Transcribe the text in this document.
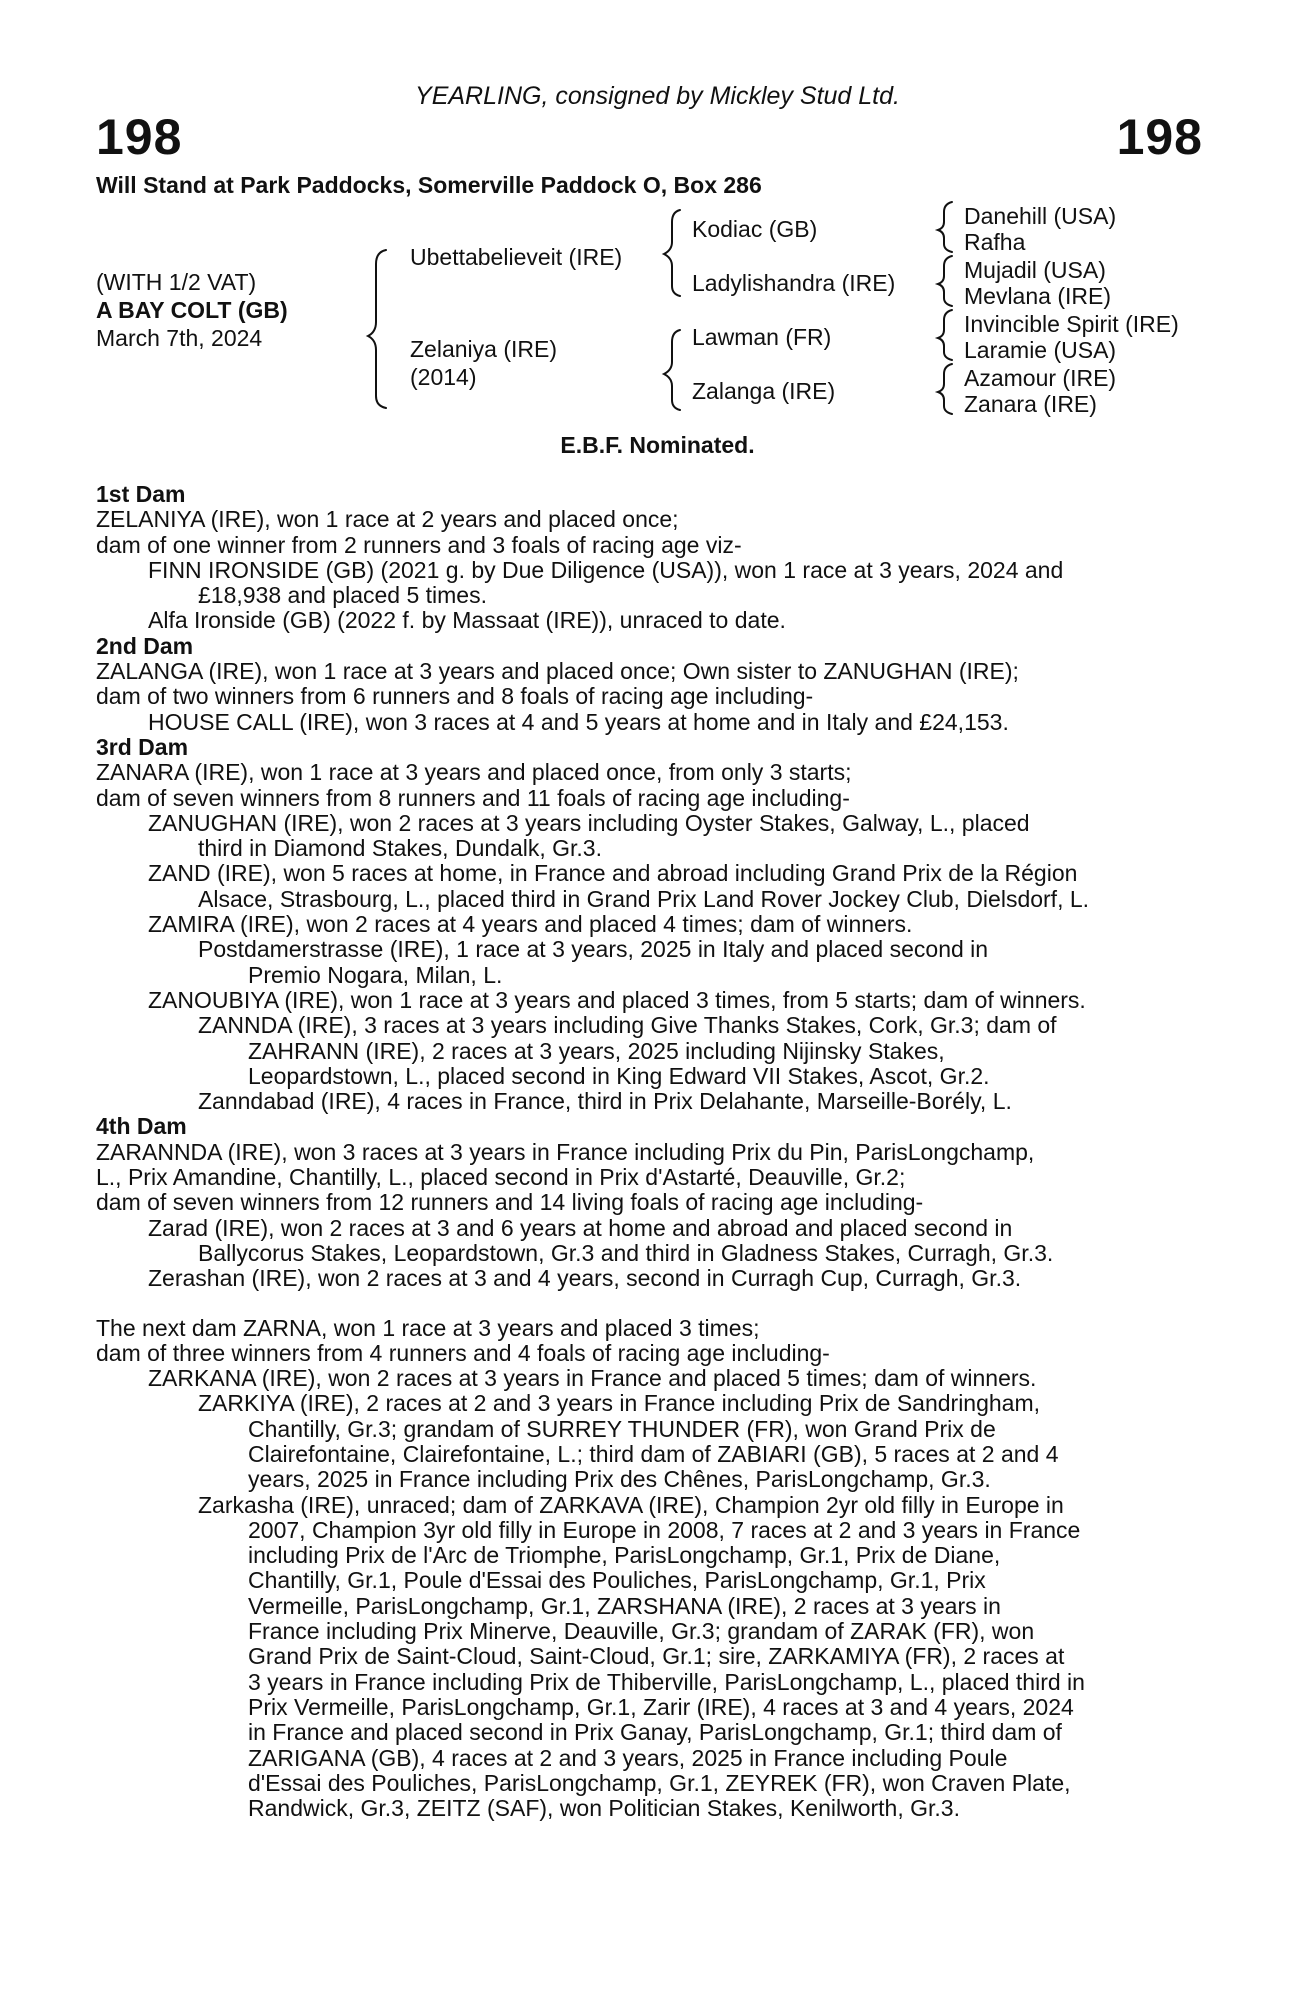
YEARLING, consigned by Mickley Stud Ltd.
198	198
Will Stand at Park Paddocks, Somerville Paddock O, Box 286
(WITH 1/2 VAT)
A BAY COLT (GB)
March 7th, 2024
Ubettabelieveit (IRE)
Zelaniya (IRE)
(2014)
Kodiac (GB)
Ladylishandra (IRE)
Lawman (FR)
Zalanga (IRE)
Danehill (USA)
Rafha
Mujadil (USA)
Mevlana (IRE)
Invincible Spirit (IRE)
Laramie (USA)
Azamour (IRE)
Zanara (IRE)
E.B.F. Nominated.
1st Dam
ZELANIYA (IRE), won 1 race at 2 years and placed once;
dam of one winner from 2 runners and 3 foals of racing age viz-
FINN IRONSIDE (GB) (2021 g. by Due Diligence (USA)), won 1 race at 3 years, 2024 and
£18,938 and placed 5 times.
Alfa Ironside (GB) (2022 f. by Massaat (IRE)), unraced to date.
2nd Dam
ZALANGA (IRE), won 1 race at 3 years and placed once; Own sister to ZANUGHAN (IRE);
dam of two winners from 6 runners and 8 foals of racing age including-
HOUSE CALL (IRE), won 3 races at 4 and 5 years at home and in Italy and £24,153.
3rd Dam
ZANARA (IRE), won 1 race at 3 years and placed once, from only 3 starts;
dam of seven winners from 8 runners and 11 foals of racing age including-
ZANUGHAN (IRE), won 2 races at 3 years including Oyster Stakes, Galway, L., placed
third in Diamond Stakes, Dundalk, Gr.3.
ZAND (IRE), won 5 races at home, in France and abroad including Grand Prix de la Région
Alsace, Strasbourg, L., placed third in Grand Prix Land Rover Jockey Club, Dielsdorf, L.
ZAMIRA (IRE), won 2 races at 4 years and placed 4 times; dam of winners.
Postdamerstrasse (IRE), 1 race at 3 years, 2025 in Italy and placed second in
Premio Nogara, Milan, L.
ZANOUBIYA (IRE), won 1 race at 3 years and placed 3 times, from 5 starts; dam of winners.
ZANNDA (IRE), 3 races at 3 years including Give Thanks Stakes, Cork, Gr.3; dam of
ZAHRANN (IRE), 2 races at 3 years, 2025 including Nijinsky Stakes,
Leopardstown, L., placed second in King Edward VII Stakes, Ascot, Gr.2.
Zanndabad (IRE), 4 races in France, third in Prix Delahante, Marseille-Borély, L.
4th Dam
ZARANNDA (IRE), won 3 races at 3 years in France including Prix du Pin, ParisLongchamp,
L., Prix Amandine, Chantilly, L., placed second in Prix d'Astarté, Deauville, Gr.2;
dam of seven winners from 12 runners and 14 living foals of racing age including-
Zarad (IRE), won 2 races at 3 and 6 years at home and abroad and placed second in
Ballycorus Stakes, Leopardstown, Gr.3 and third in Gladness Stakes, Curragh, Gr.3.
Zerashan (IRE), won 2 races at 3 and 4 years, second in Curragh Cup, Curragh, Gr.3.
The next dam ZARNA, won 1 race at 3 years and placed 3 times;
dam of three winners from 4 runners and 4 foals of racing age including-
ZARKANA (IRE), won 2 races at 3 years in France and placed 5 times; dam of winners.
ZARKIYA (IRE), 2 races at 2 and 3 years in France including Prix de Sandringham,
Chantilly, Gr.3; grandam of SURREY THUNDER (FR), won Grand Prix de
Clairefontaine, Clairefontaine, L.; third dam of ZABIARI (GB), 5 races at 2 and 4
years, 2025 in France including Prix des Chênes, ParisLongchamp, Gr.3.
Zarkasha (IRE), unraced; dam of ZARKAVA (IRE), Champion 2yr old filly in Europe in
2007, Champion 3yr old filly in Europe in 2008, 7 races at 2 and 3 years in France
including Prix de l'Arc de Triomphe, ParisLongchamp, Gr.1, Prix de Diane,
Chantilly, Gr.1, Poule d'Essai des Pouliches, ParisLongchamp, Gr.1, Prix
Vermeille, ParisLongchamp, Gr.1, ZARSHANA (IRE), 2 races at 3 years in
France including Prix Minerve, Deauville, Gr.3; grandam of ZARAK (FR), won
Grand Prix de Saint-Cloud, Saint-Cloud, Gr.1; sire, ZARKAMIYA (FR), 2 races at
3 years in France including Prix de Thiberville, ParisLongchamp, L., placed third in
Prix Vermeille, ParisLongchamp, Gr.1, Zarir (IRE), 4 races at 3 and 4 years, 2024
in France and placed second in Prix Ganay, ParisLongchamp, Gr.1; third dam of
ZARIGANA (GB), 4 races at 2 and 3 years, 2025 in France including Poule
d'Essai des Pouliches, ParisLongchamp, Gr.1, ZEYREK (FR), won Craven Plate,
Randwick, Gr.3, ZEITZ (SAF), won Politician Stakes, Kenilworth, Gr.3.
